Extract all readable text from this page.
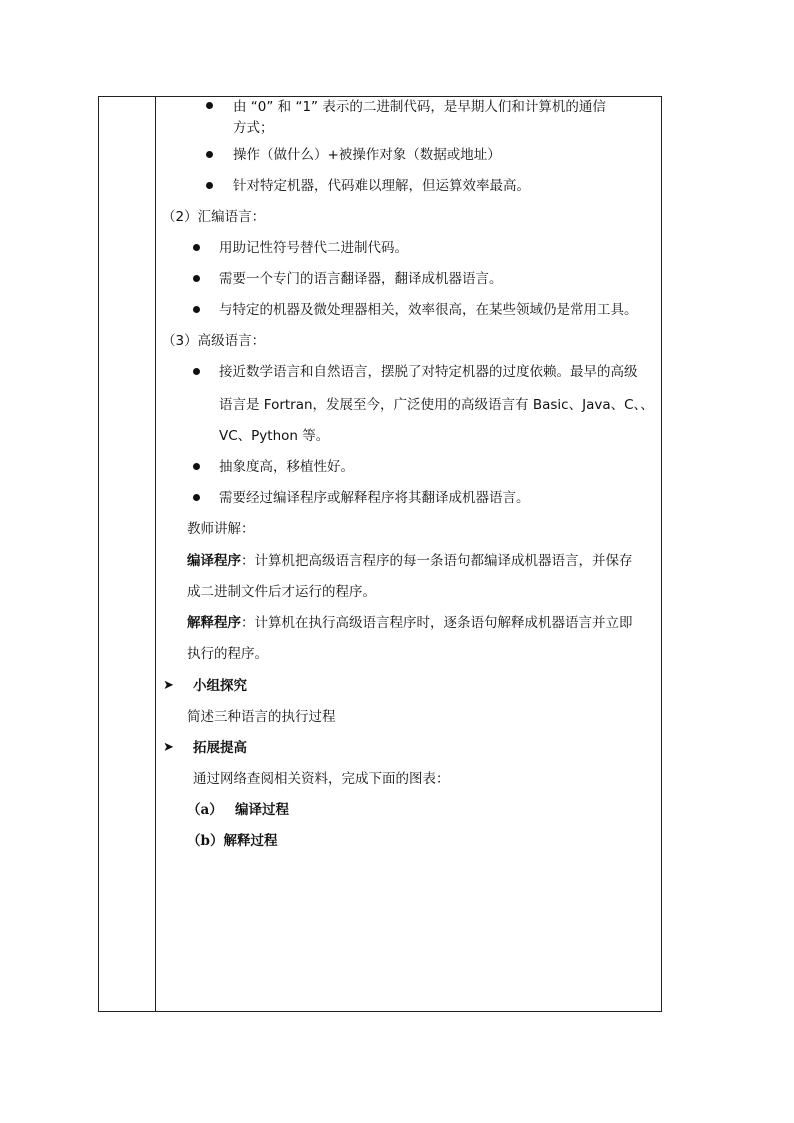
由 “0” 和 “1” 表示的二进制代码，是早期人们和计算机的通信
方式；
操作（做什么）+被操作对象（数据或地址）
针对特定机器，代码难以理解，但运算效率最高。
（2）汇编语言：
用助记性符号替代二进制代码。
需要一个专门的语言翻译器，翻译成机器语言。
与特定的机器及微处理器相关，效率很高，在某些领域仍是常用工具。
（3）高级语言：
接近数学语言和自然语言，摆脱了对特定机器的过度依赖。最早的高级
语言是 Fortran，发展至今，广泛使用的高级语言有 Basic、Java、C、、
VC、Python 等。
抽象度高，移植性好。
需要经过编译程序或解释程序将其翻译成机器语言。
教师讲解：
编译程序：计算机把高级语言程序的每一条语句都编译成机器语言，并保存
成二进制文件后才运行的程序。
解释程序：计算机在执行高级语言程序时，逐条语句解释成机器语言并立即
执行的程序。
➤ 小组探究
简述三种语言的执行过程
➤ 拓展提高
通过网络查阅相关资料，完成下面的图表：
（a） 编译过程
（b）解释过程
